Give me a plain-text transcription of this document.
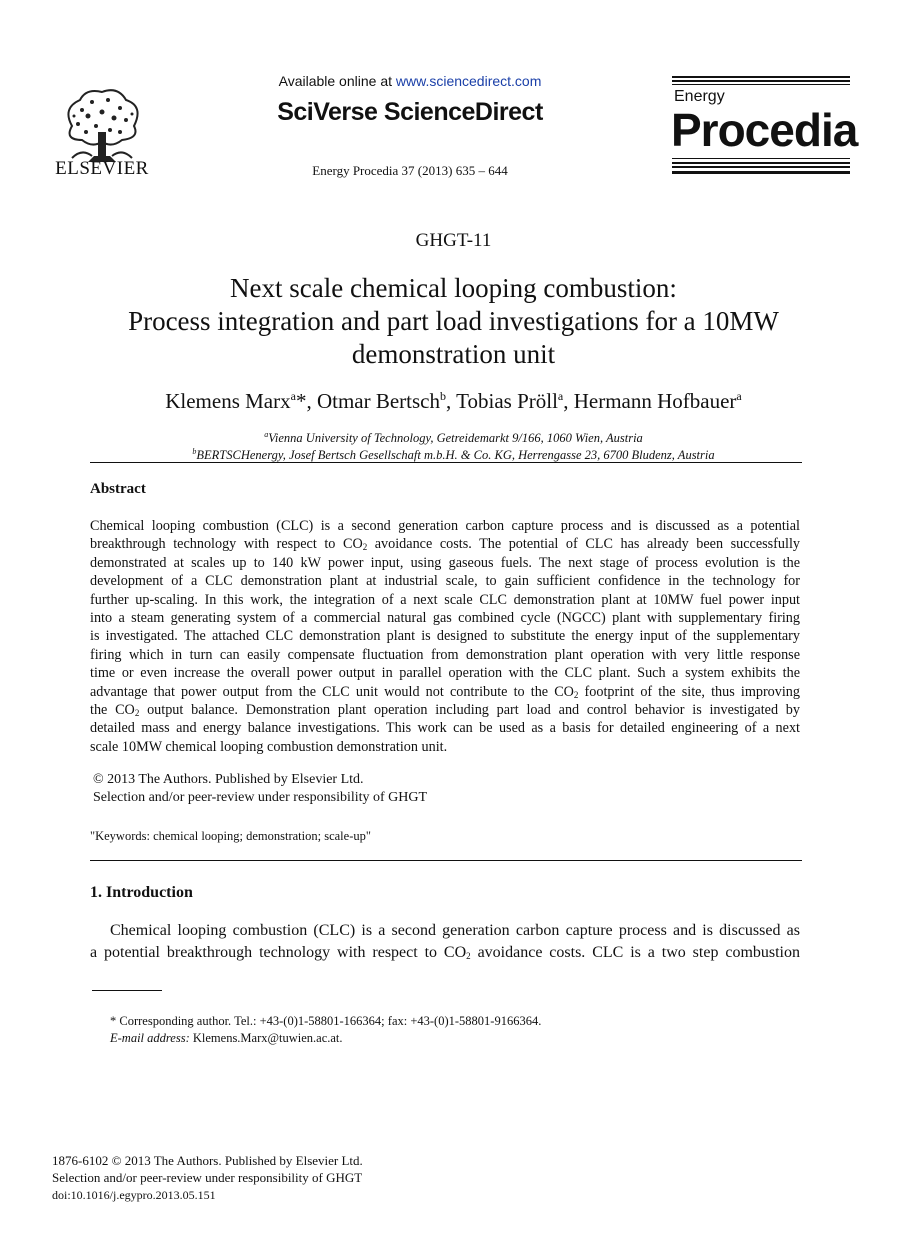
ELSEVIER
Available online at www.sciencedirect.com
SciVerse ScienceDirect
Energy Procedia 37 (2013) 635 – 644
Energy
Procedia
GHGT-11
Next scale chemical looping combustion:
Process integration and part load investigations for a 10MW
demonstration unit
Klemens Marx$^a$*, Otmar Bertsch$^b$, Tobias Pröll$^a$, Hermann Hofbauer$^a$
$^a$Vienna University of Technology, Getreidemarkt 9/166, 1060 Wien, Austria
$^b$BERTSCHenergy, Josef Bertsch Gesellschaft m.b.H. & Co. KG, Herrengasse 23, 6700 Bludenz, Austria
Abstract
Chemical looping combustion (CLC) is a second generation carbon capture process and is discussed as a potential
breakthrough technology with respect to $CO_2$ avoidance costs. The potential of CLC has already been successfully
demonstrated at scales up to 140 kW power input, using gaseous fuels. The next stage of process evolution is the
development of a CLC demonstration plant at industrial scale, to gain sufficient confidence in the technology for
further up-scaling. In this work, the integration of a next scale CLC demonstration plant at 10MW fuel power input
into a steam generating system of a commercial natural gas combined cycle (NGCC) plant with supplementary firing
is investigated. The attached CLC demonstration plant is designed to substitute the energy input of the supplementary
firing which in turn can easily compensate fluctuation from demonstration plant operation with very little response
time or even increase the overall power output in parallel operation with the CLC plant. Such a system exhibits the
advantage that power output from the CLC unit would not contribute to the $CO_2$ footprint of the site, thus improving
the $CO_2$ output balance. Demonstration plant operation including part load and control behavior is investigated by
detailed mass and energy balance investigations. This work can be used as a basis for detailed engineering of a next
scale 10MW chemical looping combustion demonstration unit.
© 2013 The Authors. Published by Elsevier Ltd.
Selection and/or peer-review under responsibility of GHGT
"Keywords: chemical looping; demonstration; scale-up"
1. Introduction
Chemical looping combustion (CLC) is a second generation carbon capture process and is discussed as
a potential breakthrough technology with respect to $CO_2$ avoidance costs. CLC is a two step combustion
* Corresponding author. Tel.: +43-(0)1-58801-166364; fax: +43-(0)1-58801-9166364.
E-mail address: Klemens.Marx@tuwien.ac.at.
1876-6102 © 2013 The Authors. Published by Elsevier Ltd.
Selection and/or peer-review under responsibility of GHGT
doi:10.1016/j.egypro.2013.05.151
